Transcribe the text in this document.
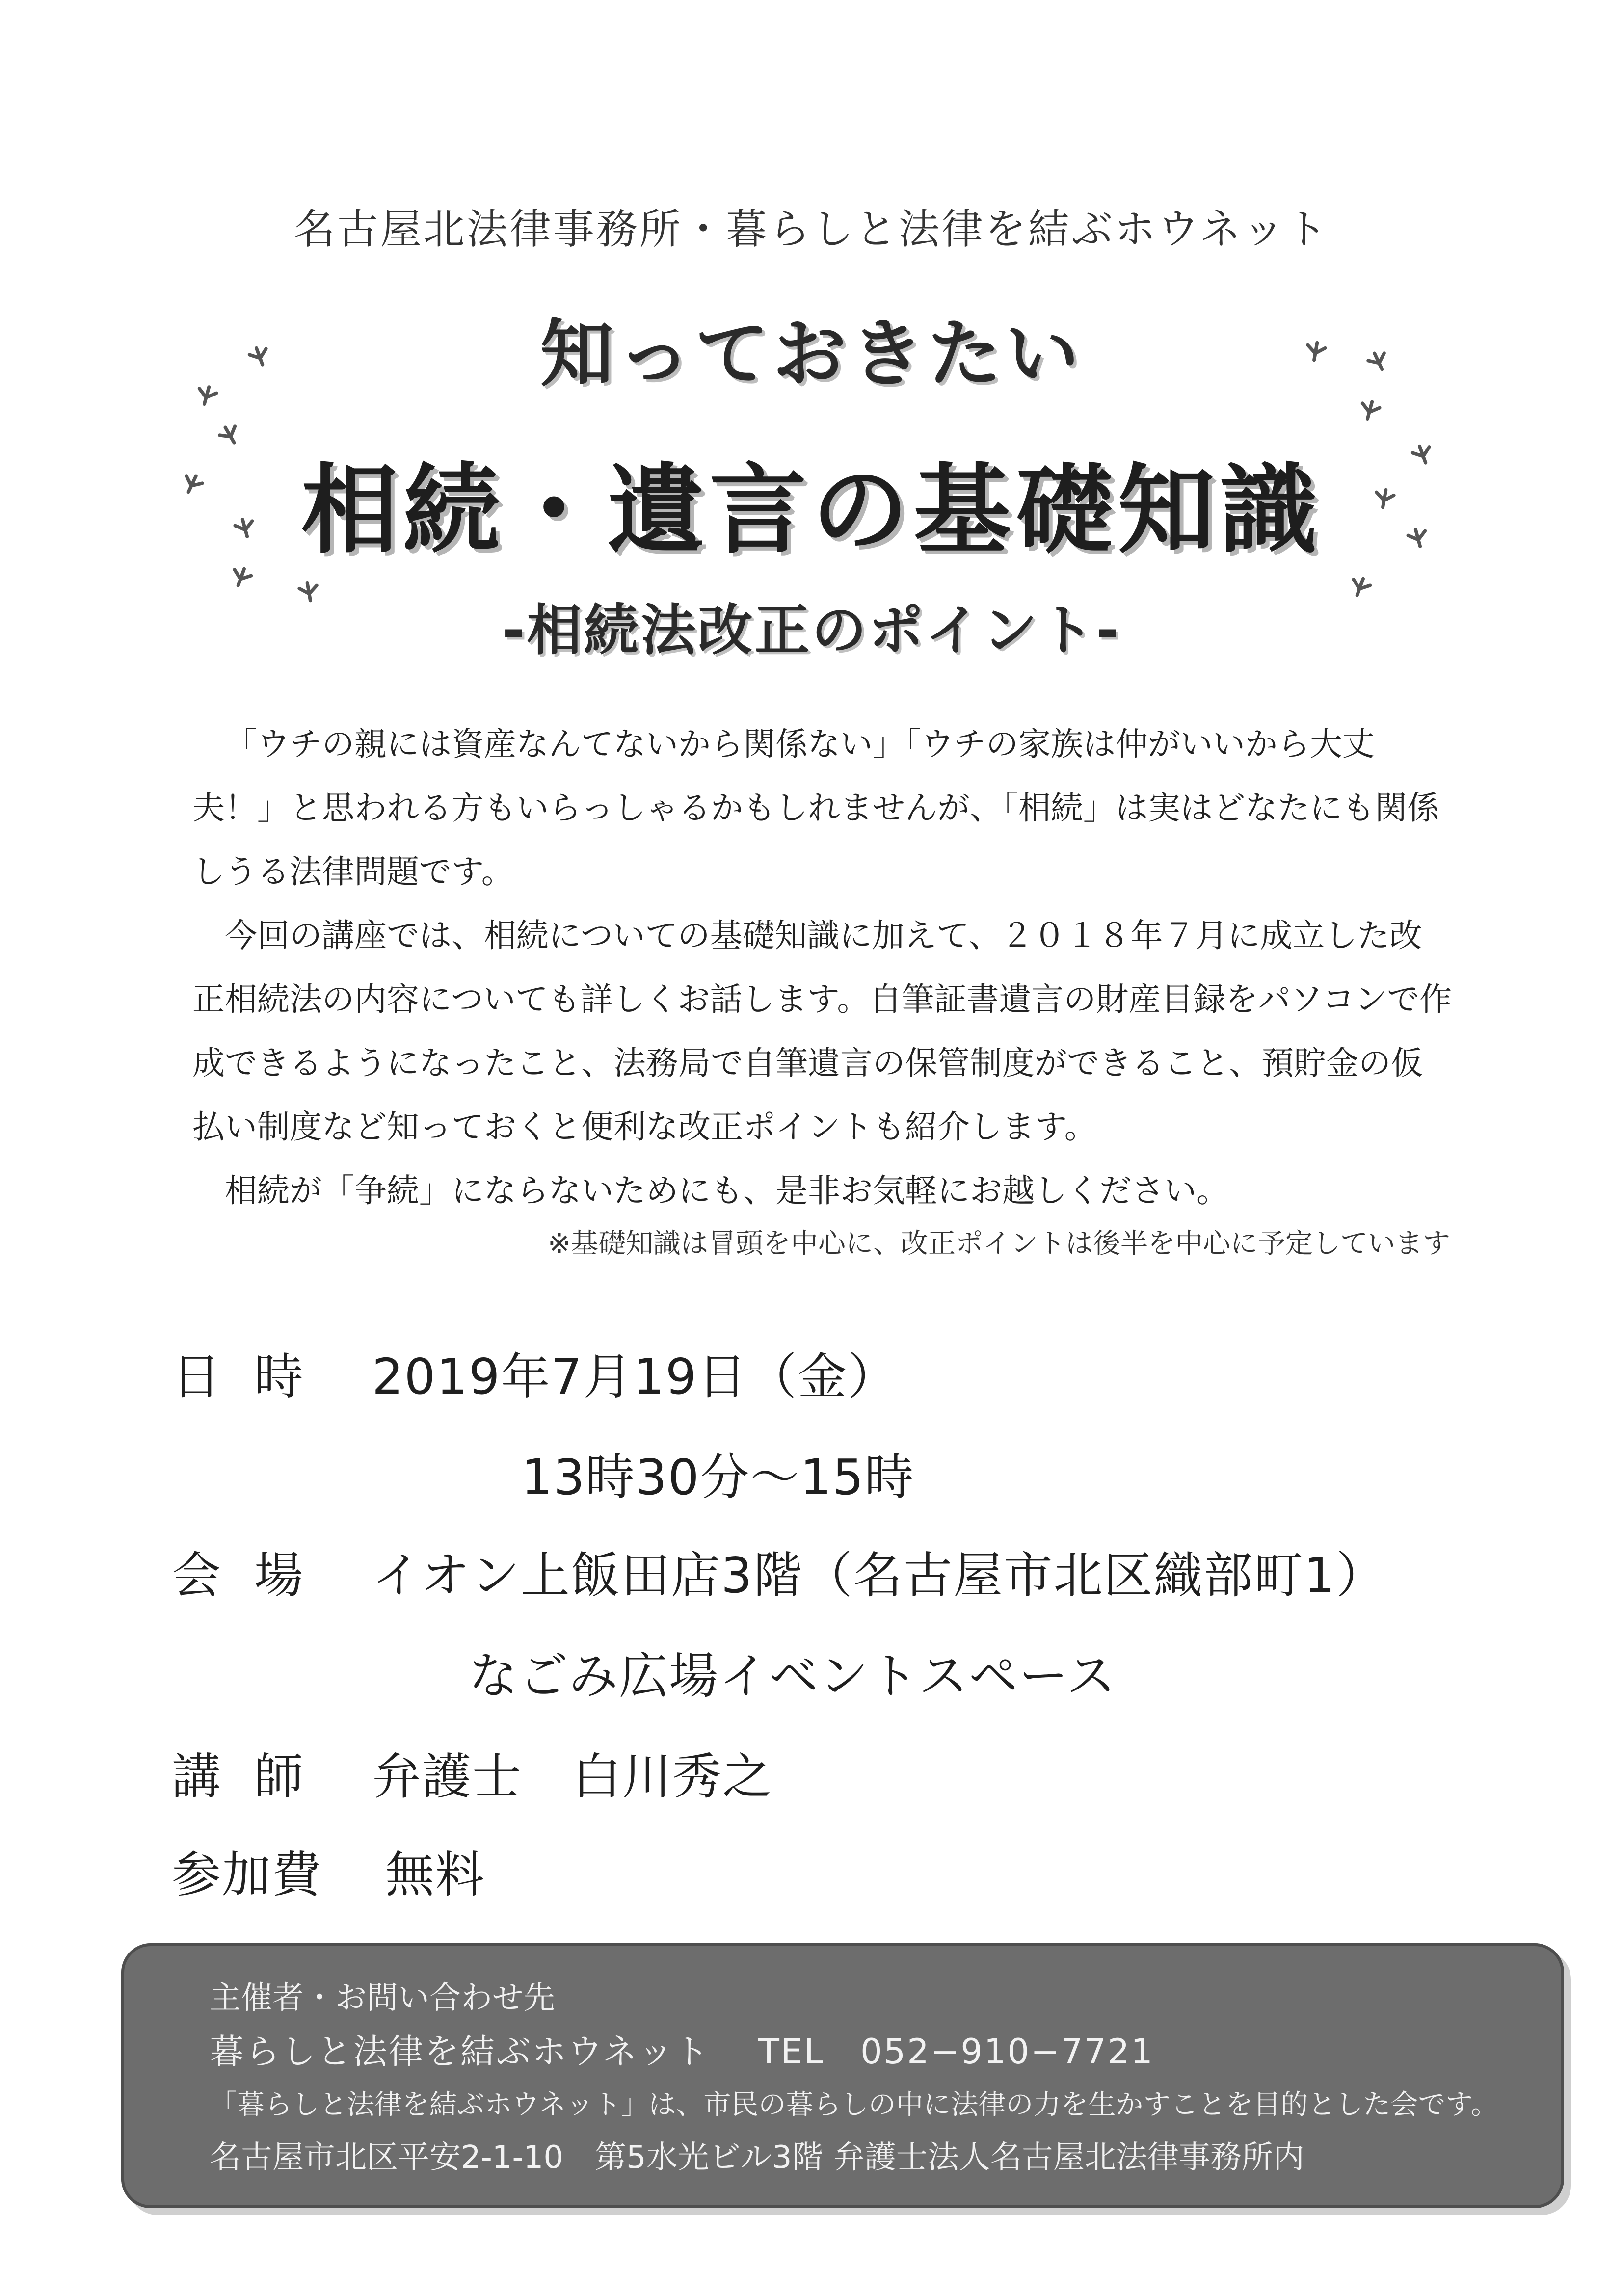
名古屋北法律事務所・暮らしと法律を結ぶホウネット
知っておきたい
相続・遺言の基礎知識
-相続法改正のポイント-

「ウチの親には資産なんてないから関係ない」「ウチの家族は仲がいいから大丈夫！」と思われる方もいらっしゃるかもしれませんが、「相続」は実はどなたにも関係しうる法律問題です。

今回の講座では、相続についての基礎知識に加えて、２０１８年７月に成立した改正相続法の内容についても詳しくお話します。自筆証書遺言の財産目録をパソコンで作成できるようになったこと、法務局で自筆遺言の保管制度ができること、預貯金の仮払い制度など知っておくと便利な改正ポイントも紹介します。

相続が「争続」にならないためにも、是非お気軽にお越しください。

※基礎知識は冒頭を中心に、改正ポイントは後半を中心に予定しています
日 時 2019年7月19日（金）
13時30分～15時
会 場 イオン上飯田店3階（名古屋市北区織部町1）
なごみ広場イベントスペース
講 師 弁護士　白川秀之
参加費 無料
主催者・お問い合わせ先
暮らしと法律を結ぶホウネット　 TEL　052−910−7721
「暮らしと法律を結ぶホウネット」は、市民の暮らしの中に法律の力を生かすことを目的とした会です。
名古屋市北区平安2-1-10　第5水光ビル3階 弁護士法人名古屋北法律事務所内
